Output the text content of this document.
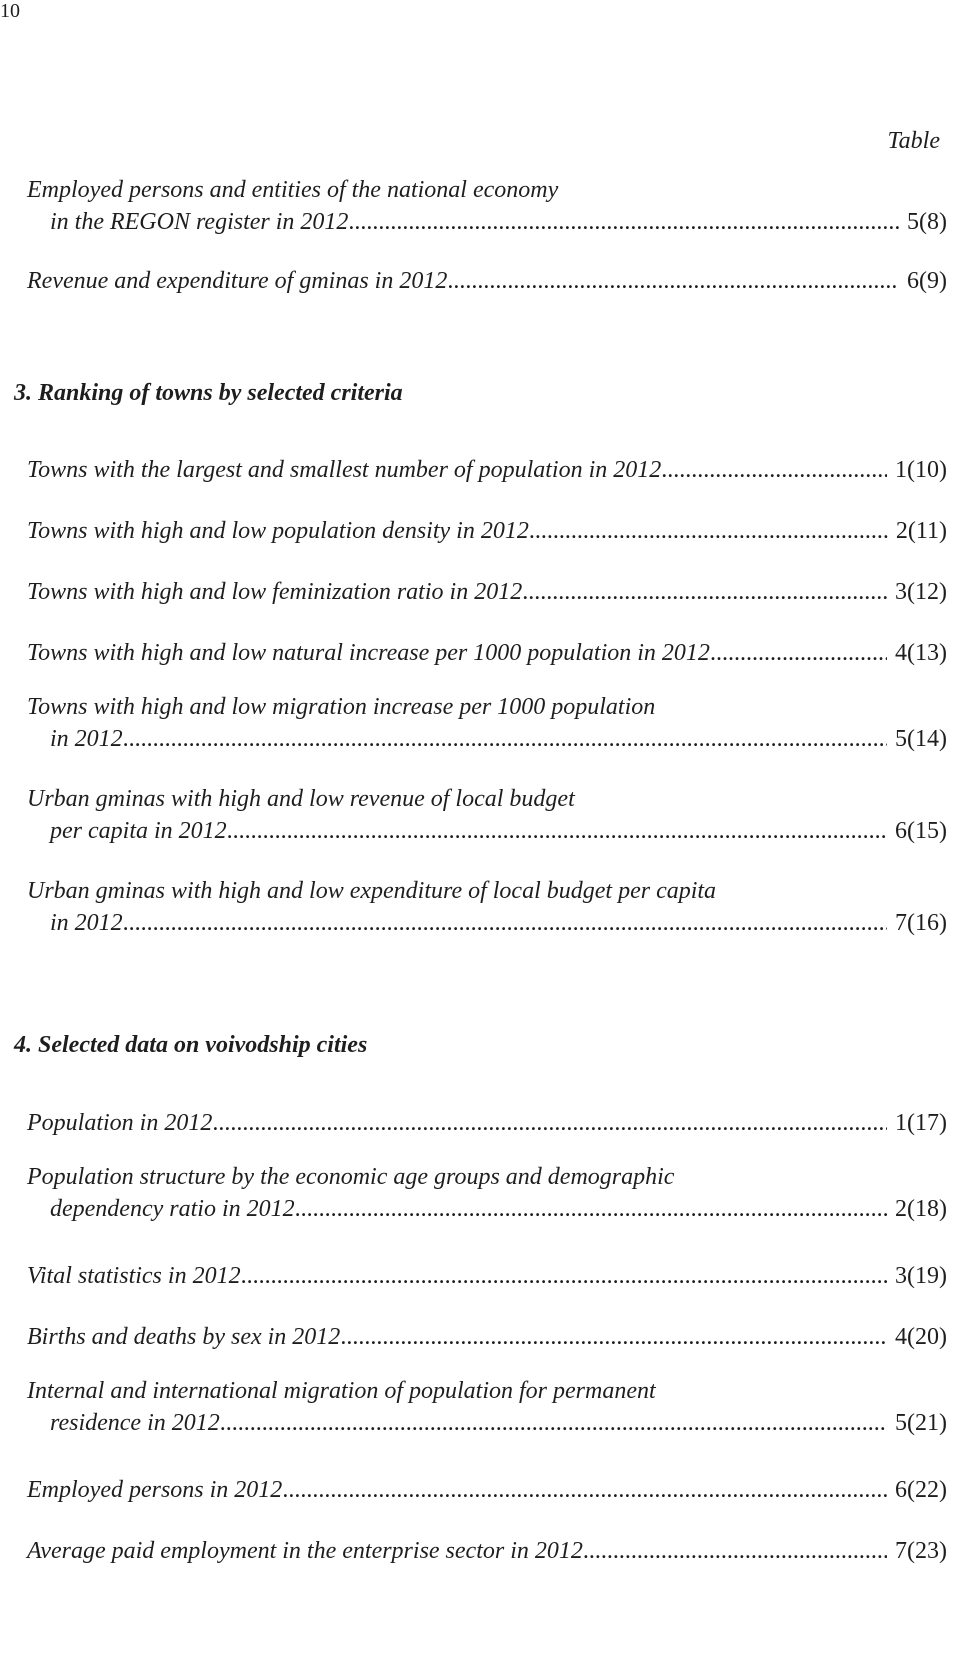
10
Table
Employed persons and entities of the national economy
in the REGON register in 2012 .....	5(8)
Revenue and expenditure of gminas in 2012 .....	6(9)
3. Ranking of towns by selected criteria
Towns with the largest and smallest number of population in 2012 .....	1(10)
Towns with high and low population density in 2012 .....	2(11)
Towns with high and low feminization ratio in 2012 .....	3(12)
Towns with high and low natural increase per 1000 population in 2012 .....	4(13)
Towns with high and low migration increase per 1000 population
in 2012 .....	5(14)
Urban gminas with high and low revenue of local budget
per capita in 2012 .....	6(15)
Urban gminas with high and low expenditure of local budget per capita
in 2012 .....	7(16)
4. Selected data on voivodship cities
Population in 2012 .....	1(17)
Population structure by the economic age groups and demographic
dependency ratio in 2012 .....	2(18)
Vital statistics in 2012 .....	3(19)
Births and deaths by sex in 2012 .....	4(20)
Internal and international migration of population for permanent
residence in 2012 .....	5(21)
Employed persons in 2012 .....	6(22)
Average paid employment in the enterprise sector in 2012 .....	7(23)
